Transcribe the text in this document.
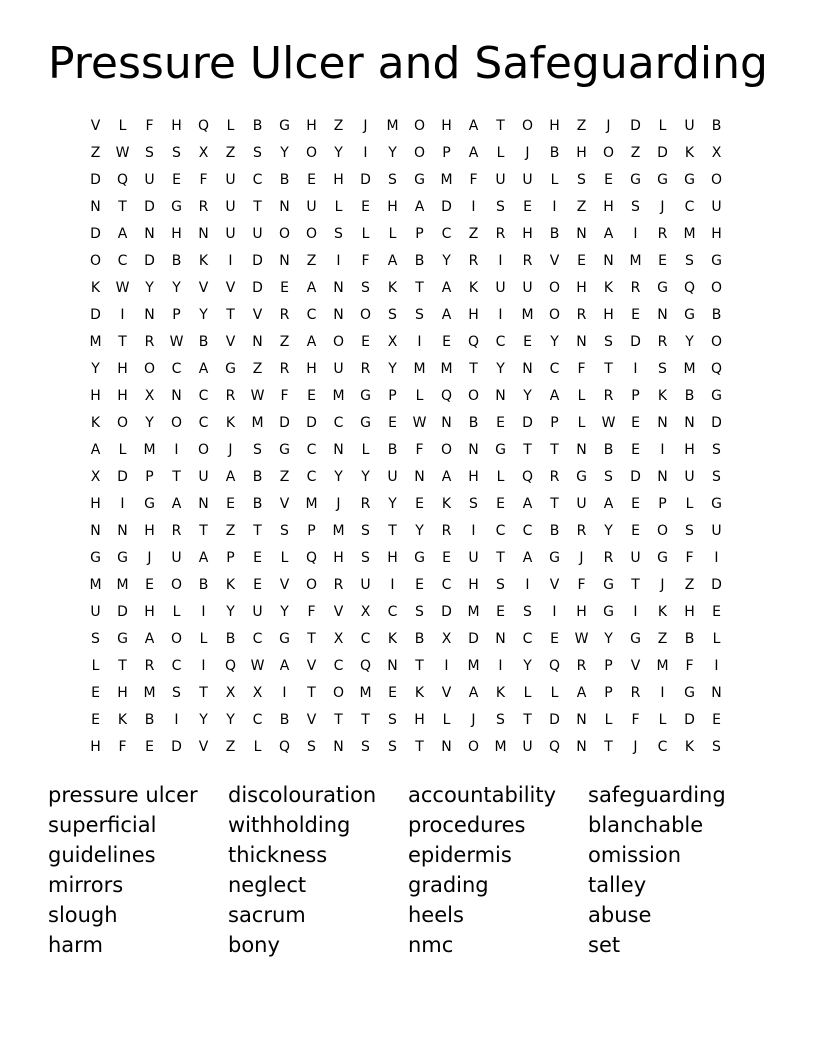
Pressure Ulcer and Safeguarding
V	L	F	H	Q	L	B	G	H	Z	J	M	O	H	A	T	O	H	Z	J	D	L	U	B
Z	W	S	S	X	Z	S	Y	O	Y	I	Y	O	P	A	L	J	B	H	O	Z	D	K	X
D	Q	U	E	F	U	C	B	E	H	D	S	G	M	F	U	U	L	S	E	G	G	G	O
N	T	D	G	R	U	T	N	U	L	E	H	A	D	I	S	E	I	Z	H	S	J	C	U
D	A	N	H	N	U	U	O	O	S	L	L	P	C	Z	R	H	B	N	A	I	R	M	H
O	C	D	B	K	I	D	N	Z	I	F	A	B	Y	R	I	R	V	E	N	M	E	S	G
K	W	Y	Y	V	V	D	E	A	N	S	K	T	A	K	U	U	O	H	K	R	G	Q	O
D	I	N	P	Y	T	V	R	C	N	O	S	S	A	H	I	M	O	R	H	E	N	G	B
M	T	R	W	B	V	N	Z	A	O	E	X	I	E	Q	C	E	Y	N	S	D	R	Y	O
Y	H	O	C	A	G	Z	R	H	U	R	Y	M	M	T	Y	N	C	F	T	I	S	M	Q
H	H	X	N	C	R	W	F	E	M	G	P	L	Q	O	N	Y	A	L	R	P	K	B	G
K	O	Y	O	C	K	M	D	D	C	G	E	W	N	B	E	D	P	L	W	E	N	N	D
A	L	M	I	O	J	S	G	C	N	L	B	F	O	N	G	T	T	N	B	E	I	H	S
X	D	P	T	U	A	B	Z	C	Y	Y	U	N	A	H	L	Q	R	G	S	D	N	U	S
H	I	G	A	N	E	B	V	M	J	R	Y	E	K	S	E	A	T	U	A	E	P	L	G
N	N	H	R	T	Z	T	S	P	M	S	T	Y	R	I	C	C	B	R	Y	E	O	S	U
G	G	J	U	A	P	E	L	Q	H	S	H	G	E	U	T	A	G	J	R	U	G	F	I
M	M	E	O	B	K	E	V	O	R	U	I	E	C	H	S	I	V	F	G	T	J	Z	D
U	D	H	L	I	Y	U	Y	F	V	X	C	S	D	M	E	S	I	H	G	I	K	H	E
S	G	A	O	L	B	C	G	T	X	C	K	B	X	D	N	C	E	W	Y	G	Z	B	L
L	T	R	C	I	Q	W	A	V	C	Q	N	T	I	M	I	Y	Q	R	P	V	M	F	I
E	H	M	S	T	X	X	I	T	O	M	E	K	V	A	K	L	L	A	P	R	I	G	N
E	K	B	I	Y	Y	C	B	V	T	T	S	H	L	J	S	T	D	N	L	F	L	D	E
H	F	E	D	V	Z	L	Q	S	N	S	S	T	N	O	M	U	Q	N	T	J	C	K	S
pressure ulcer	discolouration	accountability	safeguarding
superficial	withholding	procedures	blanchable
guidelines	thickness	epidermis	omission
mirrors	neglect	grading	talley
slough	sacrum	heels	abuse
harm	bony	nmc	set
